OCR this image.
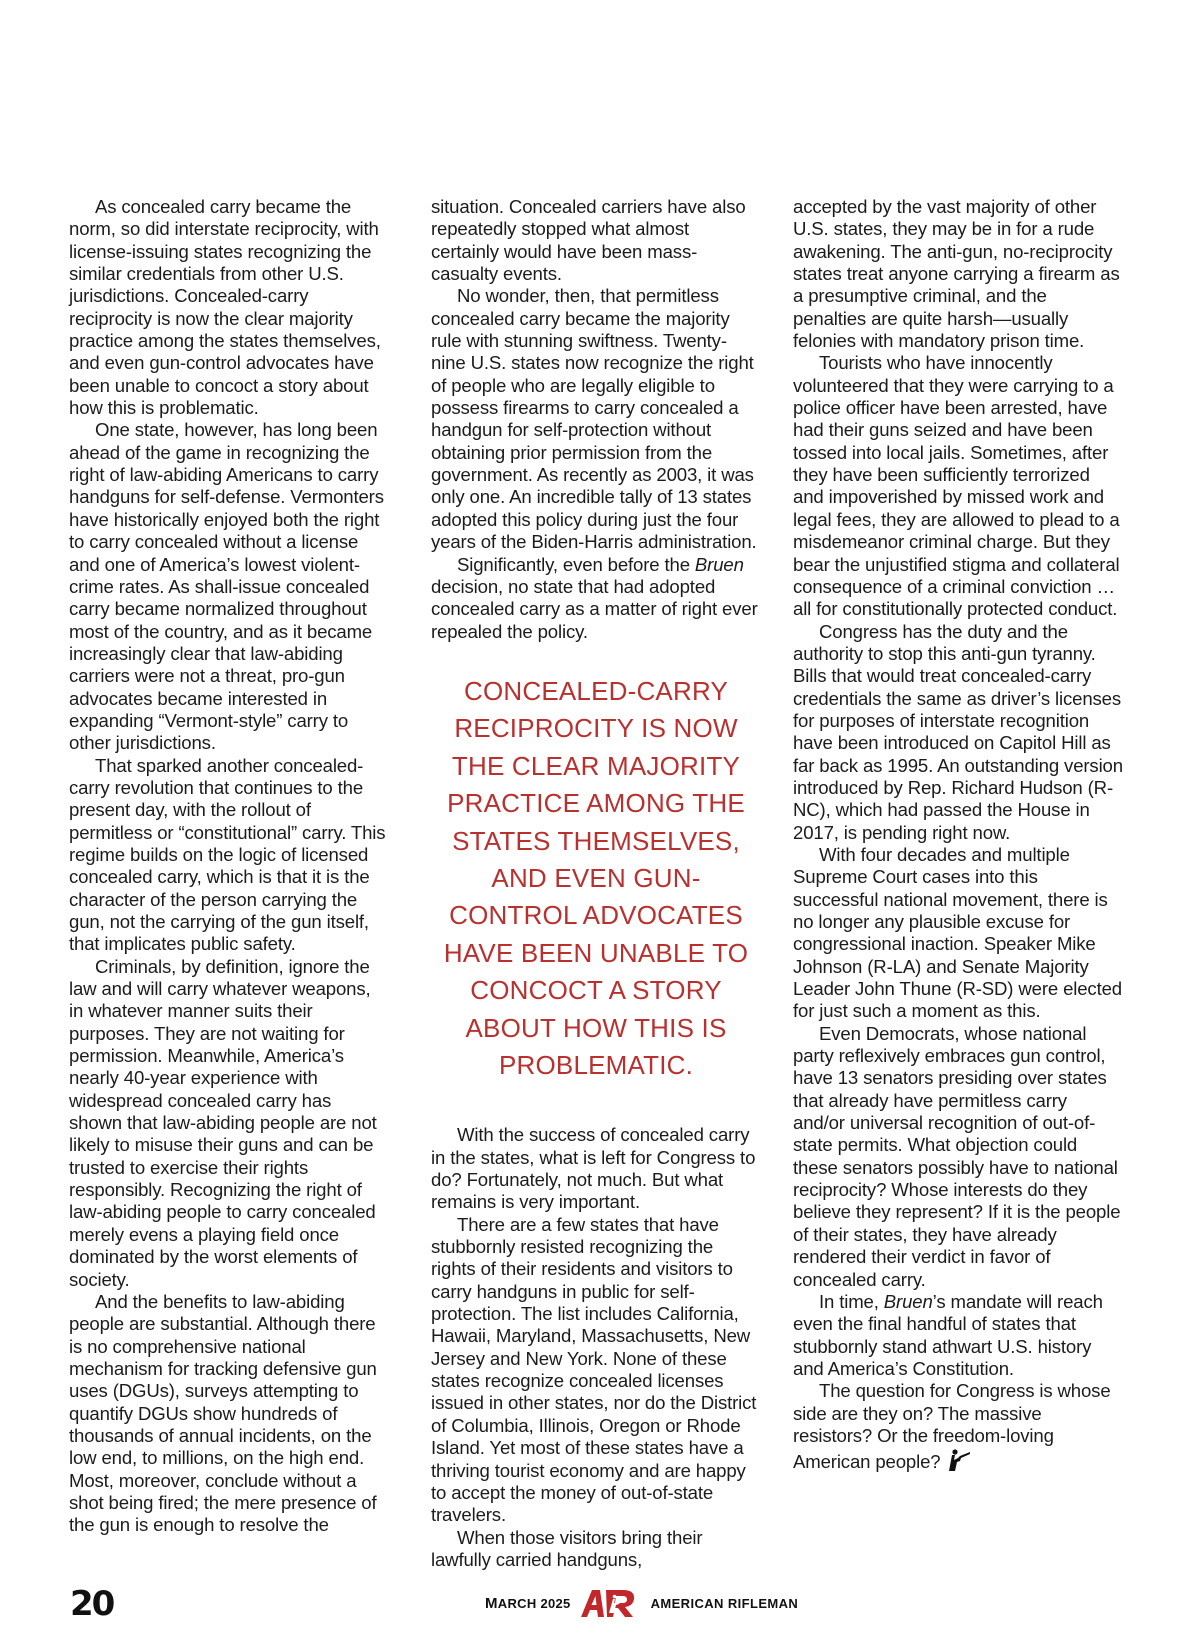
As concealed carry became the norm, so did interstate reciprocity, with license-issuing states recognizing the similar credentials from other U.S. jurisdictions. Concealed-carry reciprocity is now the clear majority practice among the states themselves, and even gun-control advocates have been unable to concoct a story about how this is problematic.

One state, however, has long been ahead of the game in recognizing the right of law-abiding Americans to carry handguns for self-defense. Vermonters have historically enjoyed both the right to carry concealed without a license and one of America’s lowest violent-crime rates. As shall-issue concealed carry became normalized throughout most of the country, and as it became increasingly clear that law-abiding carriers were not a threat, pro-gun advocates became interested in expanding “Vermont-style” carry to other jurisdictions.

That sparked another concealed-carry revolution that continues to the present day, with the rollout of permitless or “constitutional” carry. This regime builds on the logic of licensed concealed carry, which is that it is the character of the person carrying the gun, not the carrying of the gun itself, that implicates public safety.

Criminals, by definition, ignore the law and will carry whatever weapons, in whatever manner suits their purposes. They are not waiting for permission. Meanwhile, America’s nearly 40-year experience with widespread concealed carry has shown that law-abiding people are not likely to misuse their guns and can be trusted to exercise their rights responsibly. Recognizing the right of law-abiding people to carry concealed merely evens a playing field once dominated by the worst elements of society.

And the benefits to law-abiding people are substantial. Although there is no comprehensive national mechanism for tracking defensive gun uses (DGUs), surveys attempting to quantify DGUs show hundreds of thousands of annual incidents, on the low end, to millions, on the high end. Most, moreover, conclude without a shot being fired; the mere presence of the gun is enough to resolve the

situation. Concealed carriers have also repeatedly stopped what almost certainly would have been mass-casualty events.

No wonder, then, that permitless concealed carry became the majority rule with stunning swiftness. Twenty-nine U.S. states now recognize the right of people who are legally eligible to possess firearms to carry concealed a handgun for self-protection without obtaining prior permission from the government. As recently as 2003, it was only one. An incredible tally of 13 states adopted this policy during just the four years of the Biden-Harris administration.

Significantly, even before the Bruen decision, no state that had adopted concealed carry as a matter of right ever repealed the policy.

CONCEALED-CARRY RECIPROCITY IS NOW THE CLEAR MAJORITY PRACTICE AMONG THE STATES THEMSELVES, AND EVEN GUN-CONTROL ADVOCATES HAVE BEEN UNABLE TO CONCOCT A STORY ABOUT HOW THIS IS PROBLEMATIC.

With the success of concealed carry in the states, what is left for Congress to do? Fortunately, not much. But what remains is very important.

There are a few states that have stubbornly resisted recognizing the rights of their residents and visitors to carry handguns in public for self-protection. The list includes California, Hawaii, Maryland, Massachusetts, New Jersey and New York. None of these states recognize concealed licenses issued in other states, nor do the District of Columbia, Illinois, Oregon or Rhode Island. Yet most of these states have a thriving tourist economy and are happy to accept the money of out-of-state travelers.

When those visitors bring their lawfully carried handguns,

accepted by the vast majority of other U.S. states, they may be in for a rude awakening. The anti-gun, no-reciprocity states treat anyone carrying a firearm as a presumptive criminal, and the penalties are quite harsh—usually felonies with mandatory prison time.

Tourists who have innocently volunteered that they were carrying to a police officer have been arrested, have had their guns seized and have been tossed into local jails. Sometimes, after they have been sufficiently terrorized and impoverished by missed work and legal fees, they are allowed to plead to a misdemeanor criminal charge. But they bear the unjustified stigma and collateral consequence of a criminal conviction … all for constitutionally protected conduct.

Congress has the duty and the authority to stop this anti-gun tyranny. Bills that would treat concealed-carry credentials the same as driver’s licenses for purposes of interstate recognition have been introduced on Capitol Hill as far back as 1995. An outstanding version introduced by Rep. Richard Hudson (R-NC), which had passed the House in 2017, is pending right now.

With four decades and multiple Supreme Court cases into this successful national movement, there is no longer any plausible excuse for congressional inaction. Speaker Mike Johnson (R-LA) and Senate Majority Leader John Thune (R-SD) were elected for just such a moment as this.

Even Democrats, whose national party reflexively embraces gun control, have 13 senators presiding over states that already have permitless carry and/or universal recognition of out-of-state permits. What objection could these senators possibly have to national reciprocity? Whose interests do they believe they represent? If it is the people of their states, they have already rendered their verdict in favor of concealed carry.

In time, Bruen’s mandate will reach even the final handful of states that stubbornly stand athwart U.S. history and America’s Constitution.

The question for Congress is whose side are they on? The massive resistors? Or the freedom-loving American people?

20	MARCH 2025	AMERICAN RIFLEMAN
